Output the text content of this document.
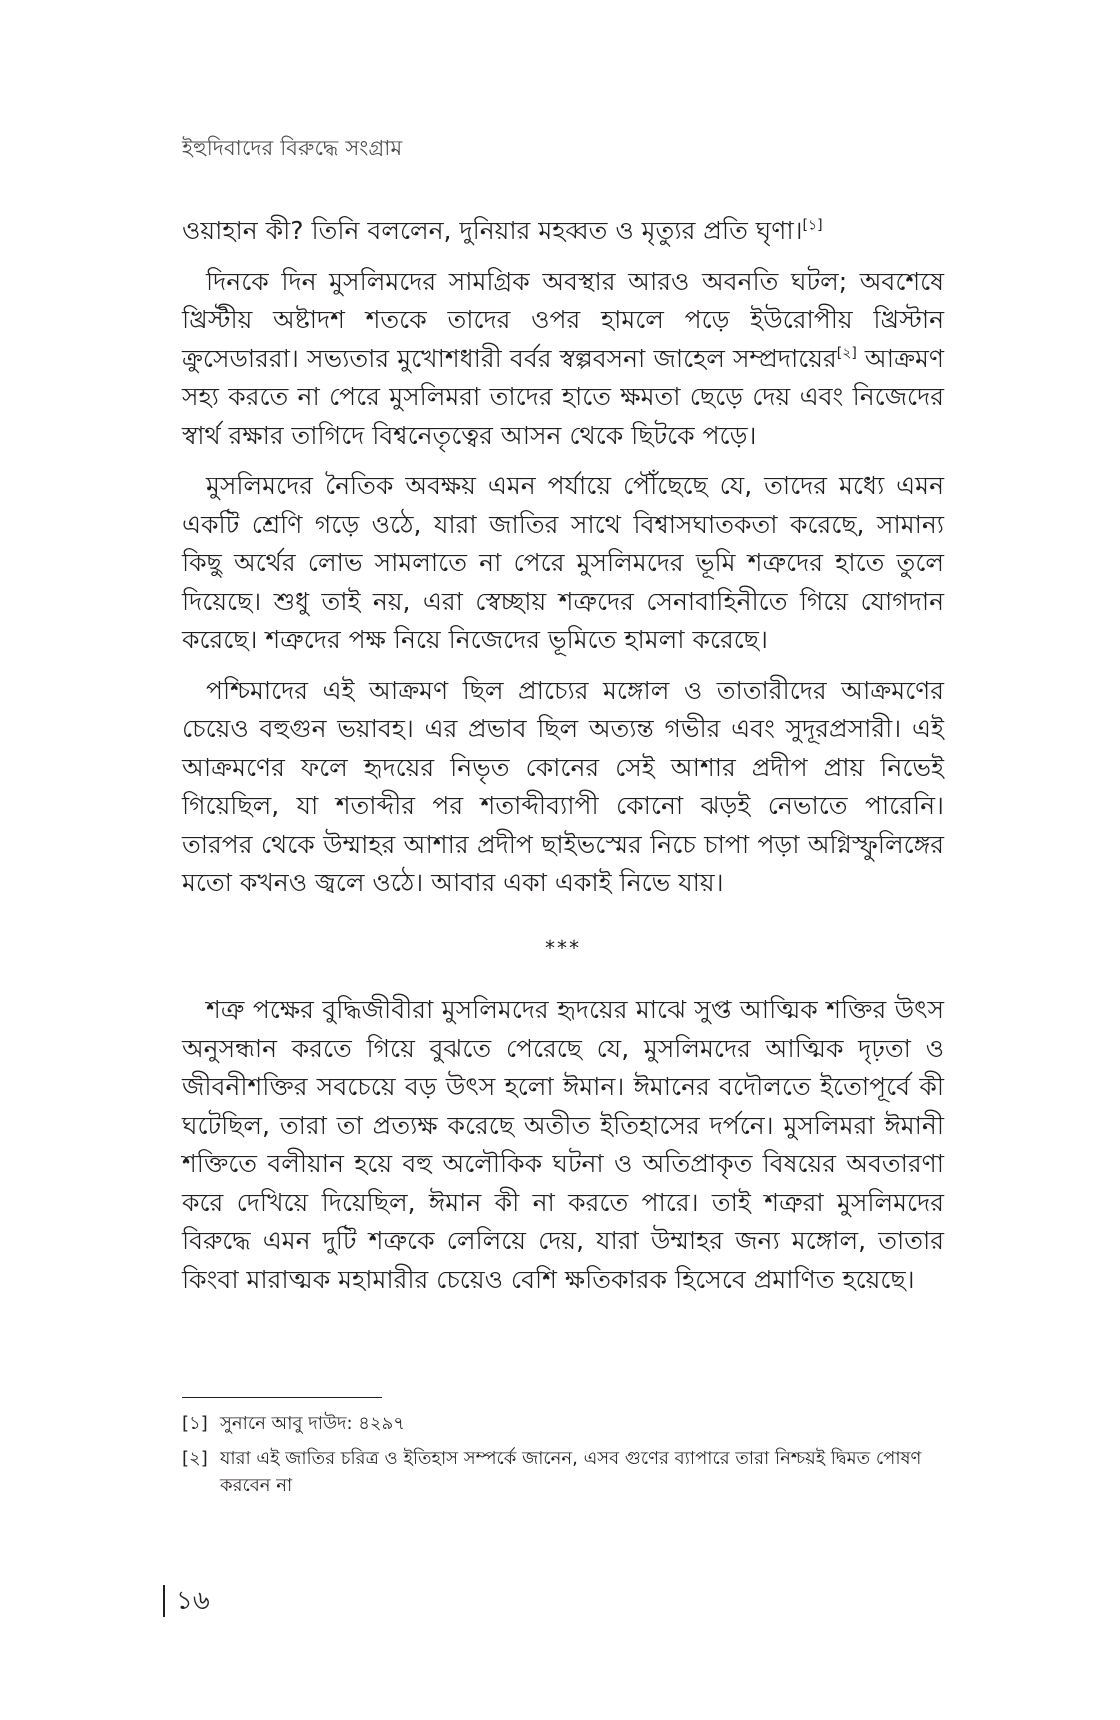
ইহুদিবাদের বিরুদ্ধে সংগ্রাম

ওয়াহান কী? তিনি বললেন, দুনিয়ার মহব্বত ও মৃত্যুর প্রতি ঘৃণা।[১]

দিনকে দিন মুসলিমদের সামগ্রিক অবস্থার আরও অবনতি ঘটল; অবশেষে খ্রিস্টীয় অষ্টাদশ শতকে তাদের ওপর হামলে পড়ে ইউরোপীয় খ্রিস্টান ক্রুসেডাররা। সভ্যতার মুখোশধারী বর্বর স্বল্পবসনা জাহেল সম্প্রদায়ের[২] আক্রমণ সহ্য করতে না পেরে মুসলিমরা তাদের হাতে ক্ষমতা ছেড়ে দেয় এবং নিজেদের স্বার্থ রক্ষার তাগিদে বিশ্বনেতৃত্বের আসন থেকে ছিটকে পড়ে।

মুসলিমদের নৈতিক অবক্ষয় এমন পর্যায়ে পৌঁছেছে যে, তাদের মধ্যে এমন একটি শ্রেণি গড়ে ওঠে, যারা জাতির সাথে বিশ্বাসঘাতকতা করেছে, সামান্য কিছু অর্থের লোভ সামলাতে না পেরে মুসলিমদের ভূমি শত্রুদের হাতে তুলে দিয়েছে। শুধু তাই নয়, এরা স্বেচ্ছায় শত্রুদের সেনাবাহিনীতে গিয়ে যোগদান করেছে। শত্রুদের পক্ষ নিয়ে নিজেদের ভূমিতে হামলা করেছে।

পশ্চিমাদের এই আক্রমণ ছিল প্রাচ্যের মঙ্গোল ও তাতারীদের আক্রমণের চেয়েও বহুগুন ভয়াবহ। এর প্রভাব ছিল অত্যন্ত গভীর এবং সুদূরপ্রসারী। এই আক্রমণের ফলে হৃদয়ের নিভৃত কোনের সেই আশার প্রদীপ প্রায় নিভেই গিয়েছিল, যা শতাব্দীর পর শতাব্দীব্যাপী কোনো ঝড়ই নেভাতে পারেনি। তারপর থেকে উম্মাহর আশার প্রদীপ ছাইভস্মের নিচে চাপা পড়া অগ্নিস্ফুলিঙ্গের মতো কখনও জ্বলে ওঠে। আবার একা একাই নিভে যায়।

***

শত্রু পক্ষের বুদ্ধিজীবীরা মুসলিমদের হৃদয়ের মাঝে সুপ্ত আত্মিক শক্তির উৎস অনুসন্ধান করতে গিয়ে বুঝতে পেরেছে যে, মুসলিমদের আত্মিক দৃঢ়তা ও জীবনীশক্তির সবচেয়ে বড় উৎস হলো ঈমান। ঈমানের বদৌলতে ইতোপূর্বে কী ঘটেছিল, তারা তা প্রত্যক্ষ করেছে অতীত ইতিহাসের দর্পনে। মুসলিমরা ঈমানী শক্তিতে বলীয়ান হয়ে বহু অলৌকিক ঘটনা ও অতিপ্রাকৃত বিষয়ের অবতারণা করে দেখিয়ে দিয়েছিল, ঈমান কী না করতে পারে। তাই শত্রুরা মুসলিমদের বিরুদ্ধে এমন দুটি শত্রুকে লেলিয়ে দেয়, যারা উম্মাহর জন্য মঙ্গোল, তাতার কিংবা মারাত্মক মহামারীর চেয়েও বেশি ক্ষতিকারক হিসেবে প্রমাণিত হয়েছে।

[১] সুনানে আবু দাউদ: ৪২৯৭
[২] যারা এই জাতির চরিত্র ও ইতিহাস সম্পর্কে জানেন, এসব গুণের ব্যাপারে তারা নিশ্চয়ই দ্বিমত পোষণ করবেন না
১৬
